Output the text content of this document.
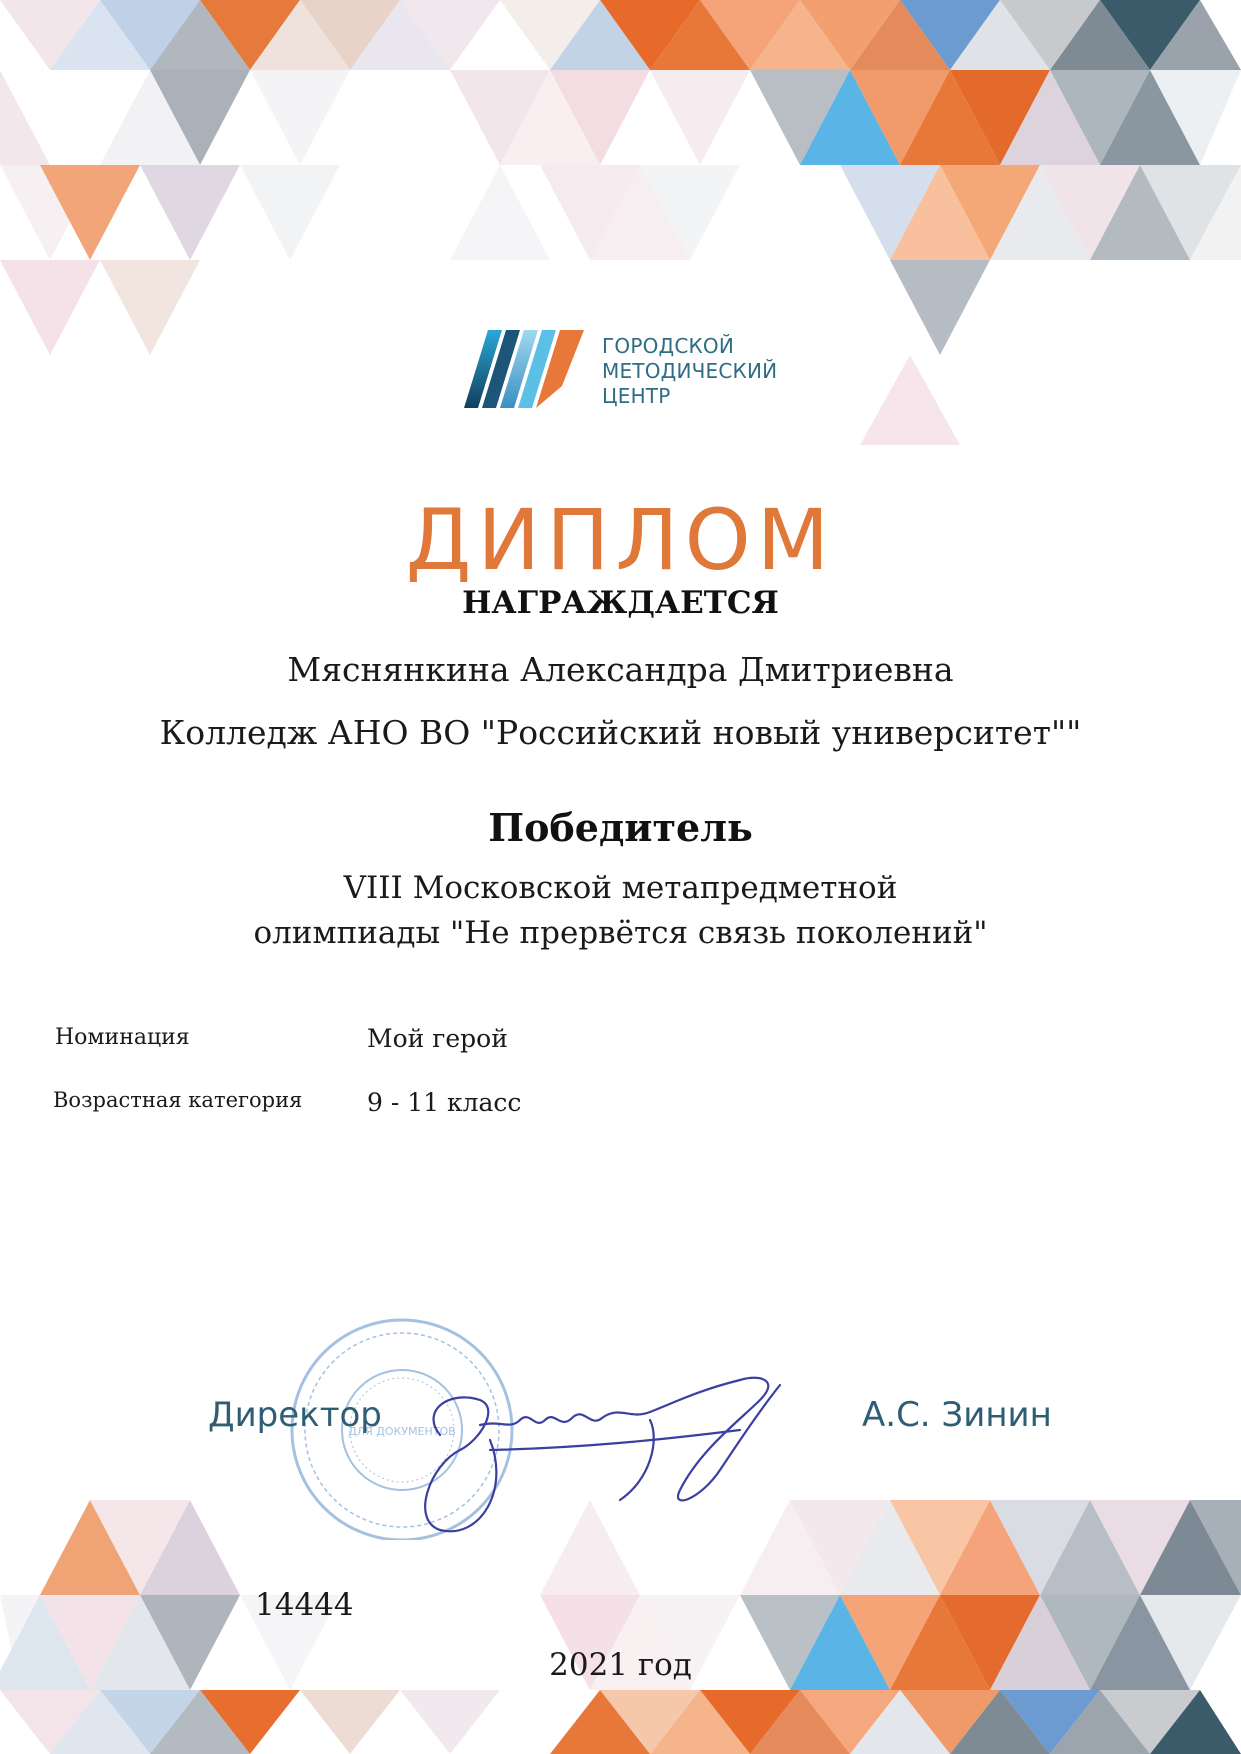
ГОРОДСКОЙ
МЕТОДИЧЕСКИЙ
ЦЕНТР
ДИПЛОМ
НАГРАЖДАЕТСЯ
Мяснянкина Александра Дмитриевна
Колледж АНО ВО "Российский новый университет""
Победитель
VIII Московской метапредметной
олимпиады "Не прервётся связь поколений"
Номинация	Мой герой
Возрастная категория	9 - 11 класс
ДЛЯ ДОКУМЕНТОВ
Директор	А.С. Зинин
14444
2021 год
